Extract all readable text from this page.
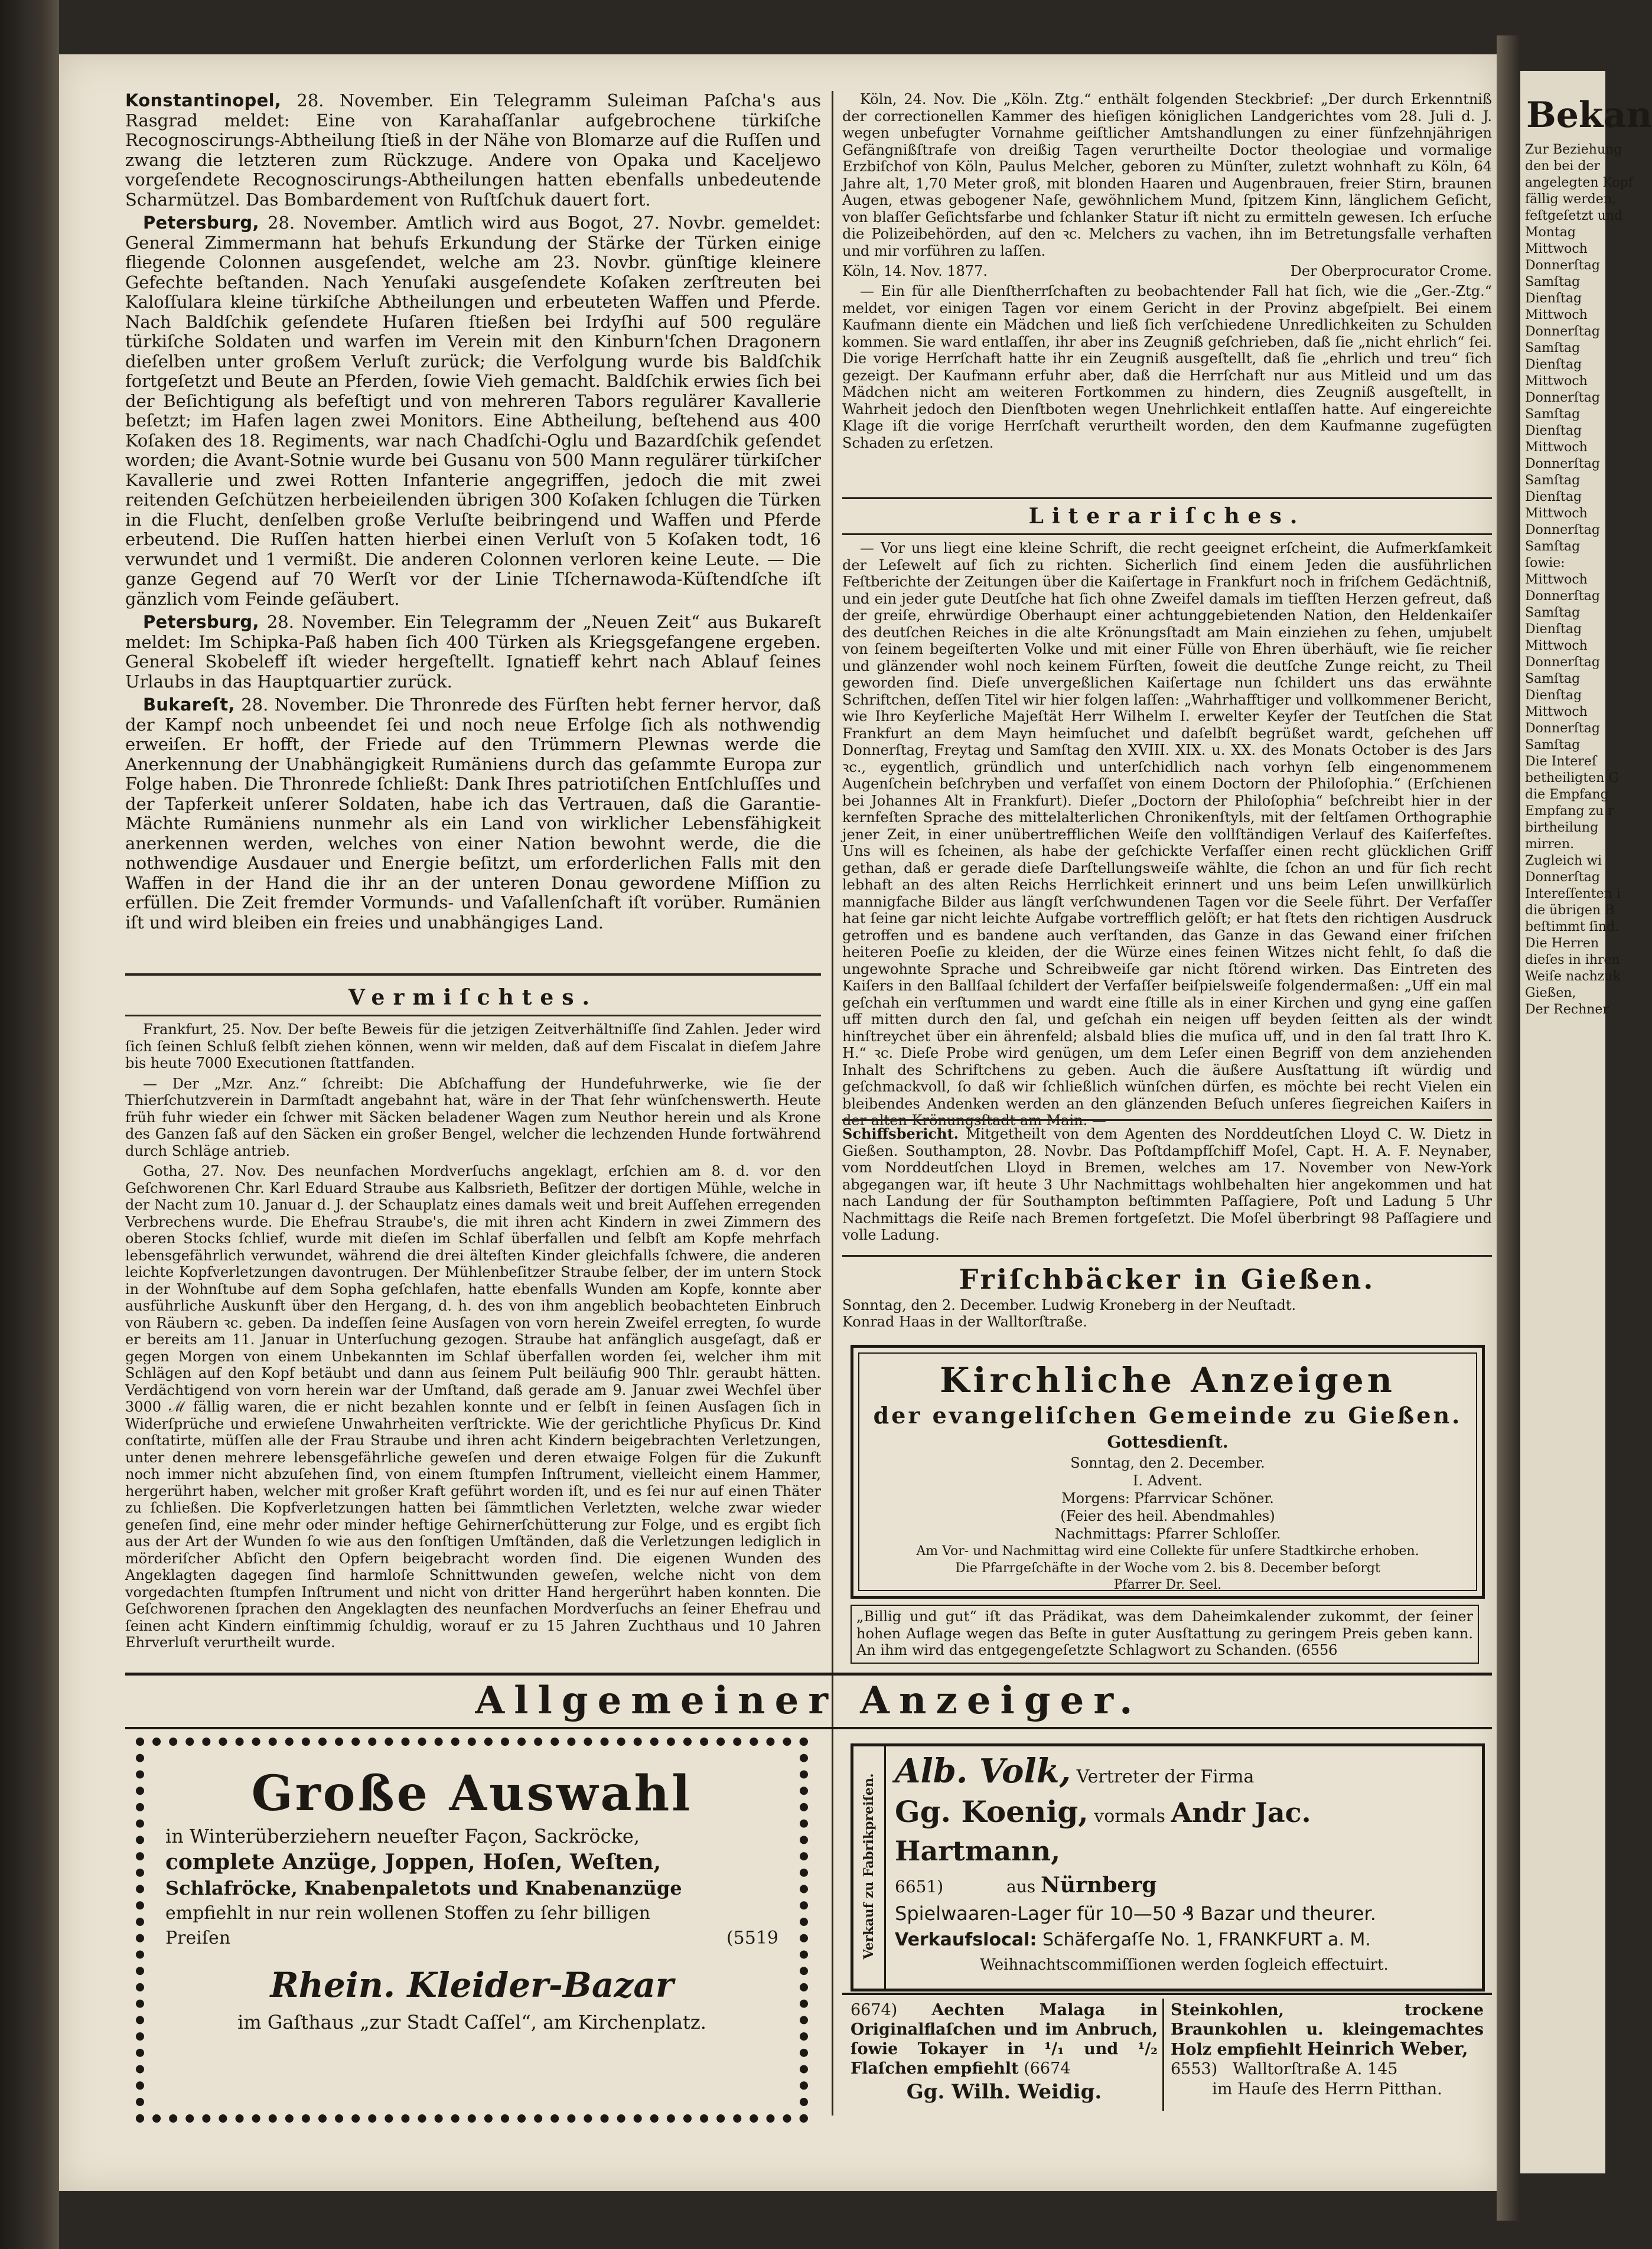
Konstantinopel, 28. November. Ein Telegramm Suleiman Paſcha's aus Rasgrad meldet: Eine von Karahaſſanlar aufgebrochene türkiſche Recognoscirungs-Abtheilung ſtieß in der Nähe von Blomarze auf die Ruſſen und zwang die letzteren zum Rückzuge. Andere von Opaka und Kaceljewo vorgeſendete Recognoscirungs-Abtheilungen hatten ebenfalls unbedeutende Scharmützel. Das Bombardement von Ruſtſchuk dauert fort.

Petersburg, 28. November. Amtlich wird aus Bogot, 27. Novbr. gemeldet: General Zimmermann hat behufs Erkundung der Stärke der Türken einige fliegende Colonnen ausgeſendet, welche am 23. Novbr. günſtige kleinere Gefechte beſtanden. Nach Yenuſaki ausgeſendete Koſaken zerſtreuten bei Kaloſſulara kleine türkiſche Abtheilungen und erbeuteten Waffen und Pferde. Nach Baldſchik geſendete Huſaren ſtießen bei Irdyſhi auf 500 reguläre türkiſche Soldaten und warfen im Verein mit den Kinburn'ſchen Dragonern dieſelben unter großem Verluſt zurück; die Verfolgung wurde bis Baldſchik fortgeſetzt und Beute an Pferden, ſowie Vieh gemacht. Baldſchik erwies ſich bei der Beſichtigung als befeſtigt und von mehreren Tabors regulärer Kavallerie beſetzt; im Hafen lagen zwei Monitors. Eine Abtheilung, beſtehend aus 400 Koſaken des 18. Regiments, war nach Chadſchi-Oglu und Bazardſchik geſendet worden; die Avant-Sotnie wurde bei Gusanu von 500 Mann regulärer türkiſcher Kavallerie und zwei Rotten Infanterie angegriffen, jedoch die mit zwei reitenden Geſchützen herbeieilenden übrigen 300 Koſaken ſchlugen die Türken in die Flucht, denſelben große Verluſte beibringend und Waffen und Pferde erbeutend. Die Ruſſen hatten hierbei einen Verluſt von 5 Koſaken todt, 16 verwundet und 1 vermißt. Die anderen Colonnen verloren keine Leute. — Die ganze Gegend auf 70 Werſt vor der Linie Tſchernawoda-Küſtendſche iſt gänzlich vom Feinde geſäubert.

Petersburg, 28. November. Ein Telegramm der „Neuen Zeit“ aus Bukareſt meldet: Im Schipka-Paß haben ſich 400 Türken als Kriegsgefangene ergeben. General Skobeleff iſt wieder hergeſtellt. Ignatieff kehrt nach Ablauf ſeines Urlaubs in das Hauptquartier zurück.

Bukareſt, 28. November. Die Thronrede des Fürſten hebt ferner hervor, daß der Kampf noch unbeendet ſei und noch neue Erfolge ſich als nothwendig erweiſen. Er hofft, der Friede auf den Trümmern Plewnas werde die Anerkennung der Unabhängigkeit Rumäniens durch das geſammte Europa zur Folge haben. Die Thronrede ſchließt: Dank Ihres patriotiſchen Entſchluſſes und der Tapferkeit unſerer Soldaten, habe ich das Vertrauen, daß die Garantie-Mächte Rumäniens nunmehr als ein Land von wirklicher Lebensfähigkeit anerkennen werden, welches von einer Nation bewohnt werde, die die nothwendige Ausdauer und Energie beſitzt, um erforderlichen Falls mit den Waffen in der Hand die ihr an der unteren Donau gewordene Miſſion zu erfüllen. Die Zeit fremder Vormunds- und Vaſallenſchaft iſt vorüber. Rumänien iſt und wird bleiben ein freies und unabhängiges Land.

Vermiſchtes.

Frankfurt, 25. Nov. Der beſte Beweis für die jetzigen Zeitverhältniſſe ſind Zahlen. Jeder wird ſich ſeinen Schluß ſelbſt ziehen können, wenn wir melden, daß auf dem Fiscalat in dieſem Jahre bis heute 7000 Executionen ſtattfanden.

— Der „Mzr. Anz.“ ſchreibt: Die Abſchaffung der Hundefuhrwerke, wie ſie der Thierſchutzverein in Darmſtadt angebahnt hat, wäre in der That ſehr wünſchenswerth. Heute früh fuhr wieder ein ſchwer mit Säcken beladener Wagen zum Neuthor herein und als Krone des Ganzen ſaß auf den Säcken ein großer Bengel, welcher die lechzenden Hunde fortwährend durch Schläge antrieb.

Gotha, 27. Nov. Des neunfachen Mordverſuchs angeklagt, erſchien am 8. d. vor den Geſchworenen Chr. Karl Eduard Straube aus Kalbsrieth, Beſitzer der dortigen Mühle, welche in der Nacht zum 10. Januar d. J. der Schauplatz eines damals weit und breit Aufſehen erregenden Verbrechens wurde. Die Ehefrau Straube's, die mit ihren acht Kindern in zwei Zimmern des oberen Stocks ſchlief, wurde mit dieſen im Schlaf überfallen und ſelbſt am Kopfe mehrfach lebensgefährlich verwundet, während die drei älteſten Kinder gleichfalls ſchwere, die anderen leichte Kopfverletzungen davontrugen. Der Mühlenbeſitzer Straube ſelber, der im untern Stock in der Wohnſtube auf dem Sopha geſchlafen, hatte ebenfalls Wunden am Kopfe, konnte aber ausführliche Auskunft über den Hergang, d. h. des von ihm angeblich beobachteten Einbruch von Räubern ꝛc. geben. Da indeſſen ſeine Ausſagen von vorn herein Zweifel erregten, ſo wurde er bereits am 11. Januar in Unterſuchung gezogen. Straube hat anfänglich ausgeſagt, daß er gegen Morgen von einem Unbekannten im Schlaf überfallen worden ſei, welcher ihm mit Schlägen auf den Kopf betäubt und dann aus ſeinem Pult beiläufig 900 Thlr. geraubt hätten. Verdächtigend von vorn herein war der Umſtand, daß gerade am 9. Januar zwei Wechſel über 3000 ℳ fällig waren, die er nicht bezahlen konnte und er ſelbſt in ſeinen Ausſagen ſich in Widerſprüche und erwieſene Unwahrheiten verſtrickte. Wie der gerichtliche Phyſicus Dr. Kind conſtatirte, müſſen alle der Frau Straube und ihren acht Kindern beigebrachten Verletzungen, unter denen mehrere lebensgefährliche geweſen und deren etwaige Folgen für die Zukunft noch immer nicht abzuſehen ſind, von einem ſtumpfen Inſtrument, vielleicht einem Hammer, hergerührt haben, welcher mit großer Kraft geführt worden iſt, und es ſei nur auf einen Thäter zu ſchließen. Die Kopfverletzungen hatten bei ſämmtlichen Verletzten, welche zwar wieder geneſen ſind, eine mehr oder minder heftige Gehirnerſchütterung zur Folge, und es ergibt ſich aus der Art der Wunden ſo wie aus den ſonſtigen Umſtänden, daß die Verletzungen lediglich in mörderiſcher Abſicht den Opfern beigebracht worden ſind. Die eigenen Wunden des Angeklagten dagegen ſind harmloſe Schnittwunden geweſen, welche nicht von dem vorgedachten ſtumpfen Inſtrument und nicht von dritter Hand hergerührt haben konnten. Die Geſchworenen ſprachen den Angeklagten des neunfachen Mordverſuchs an ſeiner Ehefrau und ſeinen acht Kindern einſtimmig ſchuldig, worauf er zu 15 Jahren Zuchthaus und 10 Jahren Ehrverluſt verurtheilt wurde.

Köln, 24. Nov. Die „Köln. Ztg.“ enthält folgenden Steckbrief: „Der durch Erkenntniß der correctionellen Kammer des hieſigen königlichen Landgerichtes vom 28. Juli d. J. wegen unbefugter Vornahme geiſtlicher Amtshandlungen zu einer fünfzehnjährigen Gefängnißſtrafe von dreißig Tagen verurtheilte Doctor theologiae und vormalige Erzbiſchof von Köln, Paulus Melcher, geboren zu Münſter, zuletzt wohnhaft zu Köln, 64 Jahre alt, 1,70 Meter groß, mit blonden Haaren und Augenbrauen, freier Stirn, braunen Augen, etwas gebogener Naſe, gewöhnlichem Mund, ſpitzem Kinn, länglichem Geſicht, von blaſſer Geſichtsfarbe und ſchlanker Statur iſt nicht zu ermitteln gewesen. Ich erſuche die Polizeibehörden, auf den ꝛc. Melchers zu vachen, ihn im Betretungsfalle verhaften und mir vorführen zu laſſen.

Köln, 14. Nov. 1877.	Der Oberprocurator Crome.

— Ein für alle Dienſtherrſchaften zu beobachtender Fall hat ſich, wie die „Ger.-Ztg.“ meldet, vor einigen Tagen vor einem Gericht in der Provinz abgeſpielt. Bei einem Kaufmann diente ein Mädchen und ließ ſich verſchiedene Unredlichkeiten zu Schulden kommen. Sie ward entlaſſen, ihr aber ins Zeugniß geſchrieben, daß ſie „nicht ehrlich“ ſei. Die vorige Herrſchaft hatte ihr ein Zeugniß ausgeſtellt, daß ſie „ehrlich und treu“ ſich gezeigt. Der Kaufmann erfuhr aber, daß die Herrſchaft nur aus Mitleid und um das Mädchen nicht am weiteren Fortkommen zu hindern, dies Zeugniß ausgeſtellt, in Wahrheit jedoch den Dienſtboten wegen Unehrlichkeit entlaſſen hatte. Auf eingereichte Klage iſt die vorige Herrſchaft verurtheilt worden, den dem Kaufmanne zugefügten Schaden zu erſetzen.

Literariſches.

— Vor uns liegt eine kleine Schrift, die recht geeignet erſcheint, die Aufmerkſamkeit der Leſewelt auf ſich zu richten. Sicherlich ſind einem Jeden die ausführlichen Feſtberichte der Zeitungen über die Kaiſertage in Frankfurt noch in friſchem Gedächtniß, und ein jeder gute Deutſche hat ſich ohne Zweifel damals im tiefſten Herzen gefreut, daß der greiſe, ehrwürdige Oberhaupt einer achtunggebietenden Nation, den Heldenkaiſer des deutſchen Reiches in die alte Krönungsſtadt am Main einziehen zu ſehen, umjubelt von ſeinem begeiſterten Volke und mit einer Fülle von Ehren überhäuft, wie ſie reicher und glänzender wohl noch keinem Fürſten, ſoweit die deutſche Zunge reicht, zu Theil geworden ſind. Dieſe unvergeßlichen Kaiſertage nun ſchildert uns das erwähnte Schriftchen, deſſen Titel wir hier folgen laſſen: „Wahrhafftiger und vollkommener Bericht, wie Ihro Keyſerliche Majeſtät Herr Wilhelm I. erwelter Keyſer der Teutſchen die Stat Frankfurt an dem Mayn heimſuchet und daſelbſt begrüßet wardt, geſchehen uff Donnerſtag, Freytag und Samſtag den XVIII. XIX. u. XX. des Monats October is des Jars ꝛc., eygentlich, gründlich und unterſchidlich nach vorhyn ſelb eingenommenem Augenſchein beſchryben und verfaſſet von einem Doctorn der Philoſophia.“ (Erſchienen bei Johannes Alt in Frankfurt). Dieſer „Doctorn der Philoſophia“ beſchreibt hier in der kernfeſten Sprache des mittelalterlichen Chronikenſtyls, mit der ſeltſamen Orthographie jener Zeit, in einer unübertrefflichen Weiſe den vollſtändigen Verlauf des Kaiſerfeſtes. Uns will es ſcheinen, als habe der geſchickte Verfaſſer einen recht glücklichen Griff gethan, daß er gerade dieſe Darſtellungsweiſe wählte, die ſchon an und für ſich recht lebhaft an des alten Reichs Herrlichkeit erinnert und uns beim Leſen unwillkürlich mannigfache Bilder aus längſt verſchwundenen Tagen vor die Seele führt. Der Verfaſſer hat ſeine gar nicht leichte Aufgabe vortrefflich gelöſt; er hat ſtets den richtigen Ausdruck getroffen und es bandene auch verſtanden, das Ganze in das Gewand einer friſchen heiteren Poeſie zu kleiden, der die Würze eines feinen Witzes nicht fehlt, ſo daß die ungewohnte Sprache und Schreibweiſe gar nicht ſtörend wirken. Das Eintreten des Kaiſers in den Ballſaal ſchildert der Verfaſſer beiſpielsweiſe folgendermaßen: „Uff ein mal geſchah ein verſtummen und wardt eine ſtille als in einer Kirchen und gyng eine gaſſen uff mitten durch den ſal, und geſchah ein neigen uff beyden ſeitten als der windt hinſtreychet über ein ährenfeld; alsbald blies die muſica uff, und in den ſal tratt Ihro K. H.“ ꝛc. Dieſe Probe wird genügen, um dem Leſer einen Begriff von dem anziehenden Inhalt des Schriftchens zu geben. Auch die äußere Ausſtattung iſt würdig und geſchmackvoll, ſo daß wir ſchließlich wünſchen dürfen, es möchte bei recht Vielen ein bleibendes Andenken werden an den glänzenden Beſuch unſeres ſiegreichen Kaiſers in der alten Krönungsſtadt am Main. —

Schiffsbericht. Mitgetheilt von dem Agenten des Norddeutſchen Lloyd C. W. Dietz in Gießen. Southampton, 28. Novbr. Das Poſtdampfſchiff Moſel, Capt. H. A. F. Neynaber, vom Norddeutſchen Lloyd in Bremen, welches am 17. November von New-York abgegangen war, iſt heute 3 Uhr Nachmittags wohlbehalten hier angekommen und hat nach Landung der für Southampton beſtimmten Paſſagiere, Poſt und Ladung 5 Uhr Nachmittags die Reiſe nach Bremen fortgeſetzt. Die Moſel überbringt 98 Paſſagiere und volle Ladung.

Friſchbäcker in Gießen.
Sonntag, den 2. December. Ludwig Kroneberg in der Neuſtadt.
Konrad Haas in der Walltorſtraße.
Kirchliche Anzeigen
der evangeliſchen Gemeinde zu Gießen.
Gottesdienſt.
Sonntag, den 2. December.
I. Advent.
Morgens: Pfarrvicar Schöner.
(Feier des heil. Abendmahles)
Nachmittags: Pfarrer Schloſſer.
Am Vor- und Nachmittag wird eine Collekte für unſere Stadtkirche erhoben.
Die Pfarrgeſchäfte in der Woche vom 2. bis 8. December beſorgt
Pfarrer Dr. Seel.

„Billig und gut“ iſt das Prädikat, was dem Daheimkalender zukommt, der ſeiner hohen Auflage wegen das Beſte in guter Ausſtattung zu geringem Preis geben kann. An ihm wird das entgegengeſetzte Schlagwort zu Schanden. (6556

Allgemeiner Anzeiger.
Große Auswahl
in Winterüberziehern neueſter Façon, Sackröcke,
complete Anzüge, Joppen, Hoſen, Weſten,
Schlafröcke, Knabenpaletots und Knabenanzüge
empfiehlt in nur rein wollenen Stoffen zu ſehr billigen
Preiſen	(5519
Rhein. Kleider-Bazar
im Gaſthaus „zur Stadt Caſſel“, am Kirchenplatz.
Verkauf zu Fabrikpreiſen.
Alb. Volk, Vertreter der Firma
Gg. Koenig, vormals Andr Jac. Hartmann,
6651)	aus Nürnberg
Spielwaaren-Lager für 10—50 ₰ Bazar und theurer.
Verkaufslocal: Schäfergaſſe No. 1, FRANKFURT a. M.
Weihnachtscommiſſionen werden ſogleich effectuirt.

6674) Aechten Malaga in Originalflaſchen und im Anbruch, ſowie Tokayer in ¹/₁ und ¹/₂ Flaſchen empfiehlt (6674

Gg. Wilh. Weidig.

Steinkohlen, trockene Braunkohlen u. kleingemachtes Holz empfiehlt Heinrich Weber,

6553) Walltorſtraße A. 145
im Hauſe des Herrn Pitthan.
Bekan
Zur Beziehung
den bei der
angelegten Kopf
fällig werden,
feſtgeſetzt und
Montag
Mittwoch
Donnerſtag
Samſtag
Dienſtag
Mittwoch
Donnerſtag
Samſtag
Dienſtag
Mittwoch
Donnerſtag
Samſtag
Dienſtag
Mittwoch
Donnerſtag
Samſtag
Dienſtag
Mittwoch
Donnerſtag
Samſtag
ſowie:
Mittwoch
Donnerſtag
Samſtag
Dienſtag
Mittwoch
Donnerſtag
Samſtag
Dienſtag
Mittwoch
Donnerſtag
Samſtag
Die Intereſ
betheiligten G
die Empfang
Empfang zu r
birtheilung
mirren.
Zugleich wi
Donnerſtag
Intereſſenten i
die übrigen B
beſtimmt ſind.
Die Herren
dieſes in ihren
Weiſe nachzuk
Gießen,
Der Rechner
